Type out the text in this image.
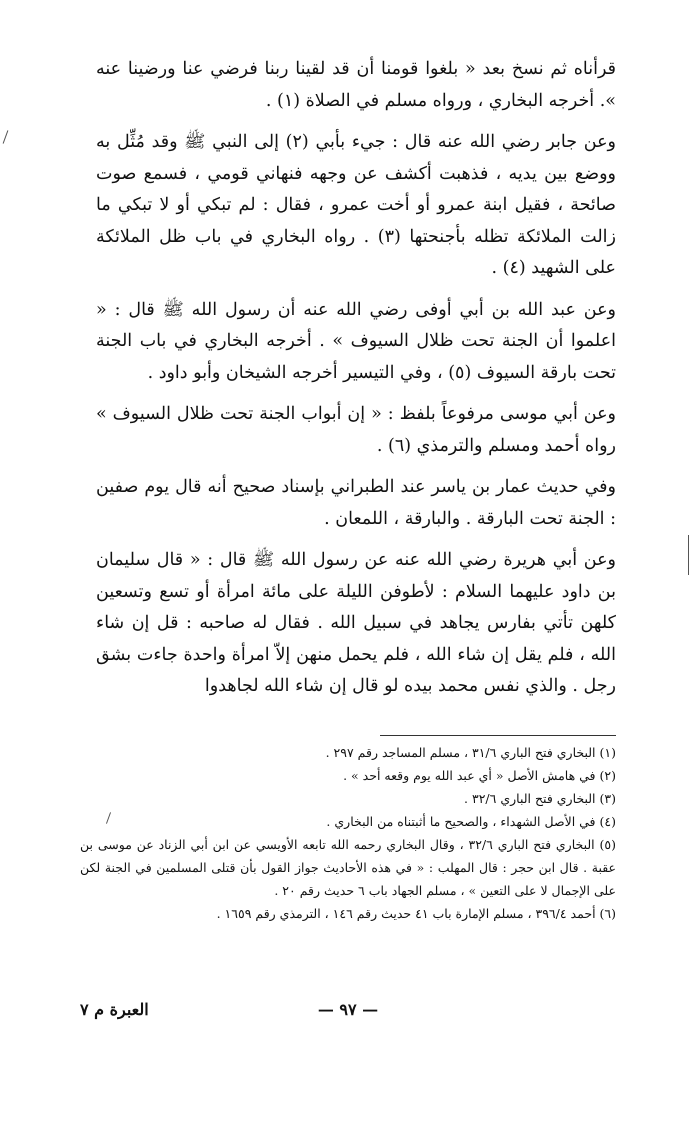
قرأناه ثم نسخ بعد « بلغوا قومنا أن قد لقينا ربنا فرضي عنا ورضينا عنه ». أخرجه البخاري ، ورواه مسلم في الصلاة (١) .

وعن جابر رضي الله عنه قال : جيء بأبي (٢) إلى النبي ﷺ وقد مُثِّل به ووضع بين يديه ، فذهبت أكشف عن وجهه فنهاني قومي ، فسمع صوت صائحة ، فقيل ابنة عمرو أو أخت عمرو ، فقال : لم تبكي أو لا تبكي ما زالت الملائكة تظله بأجنحتها (٣) . رواه البخاري في باب ظل الملائكة على الشهيد (٤) .

وعن عبد الله بن أبي أوفى رضي الله عنه أن رسول الله ﷺ قال : « اعلموا أن الجنة تحت ظلال السيوف » . أخرجه البخاري في باب الجنة تحت بارقة السيوف (٥) ، وفي التيسير أخرجه الشيخان وأبو داود .

وعن أبي موسى مرفوعاً بلفظ : « إن أبواب الجنة تحت ظلال السيوف » رواه أحمد ومسلم والترمذي (٦) .

وفي حديث عمار بن ياسر عند الطبراني بإسناد صحيح أنه قال يوم صفين : الجنة تحت البارقة . والبارقة ، اللمعان .

وعن أبي هريرة رضي الله عنه عن رسول الله ﷺ قال : « قال سليمان بن داود عليهما السلام : لأطوفن الليلة على مائة امرأة أو تسع وتسعين كلهن تأتي بفارس يجاهد في سبيل الله . فقال له صاحبه : قل إن شاء الله ، فلم يقل إن شاء الله ، فلم يحمل منهن إلاّ امرأة واحدة جاءت بشق رجل . والذي نفس محمد بيده لو قال إن شاء الله لجاهدوا

(١) البخاري فتح الباري ٣١/٦ ، مسلم المساجد رقم ٢٩٧ .

(٢) في هامش الأصل « أي عبد الله يوم وقعه أحد » .

(٣) البخاري فتح الباري ٣٢/٦ .

(٤) في الأصل الشهداء ، والصحيح ما أثبتناه من البخاري .

(٥) البخاري فتح الباري ٣٢/٦ ، وقال البخاري رحمه الله تابعه الأويسي عن ابن أبي الزناد عن موسى بن عقبة . قال ابن حجر : قال المهلب : « في هذه الأحاديث جواز القول بأن قتلى المسلمين في الجنة لكن على الإجمال لا على التعين » ، مسلم الجهاد باب ٦ حديث رقم ٢٠ .

(٦) أحمد ٣٩٦/٤ ، مسلم الإمارة باب ٤١ حديث رقم ١٤٦ ، الترمذي رقم ١٦٥٩ .

— ٩٧ —
العبرة م ٧
